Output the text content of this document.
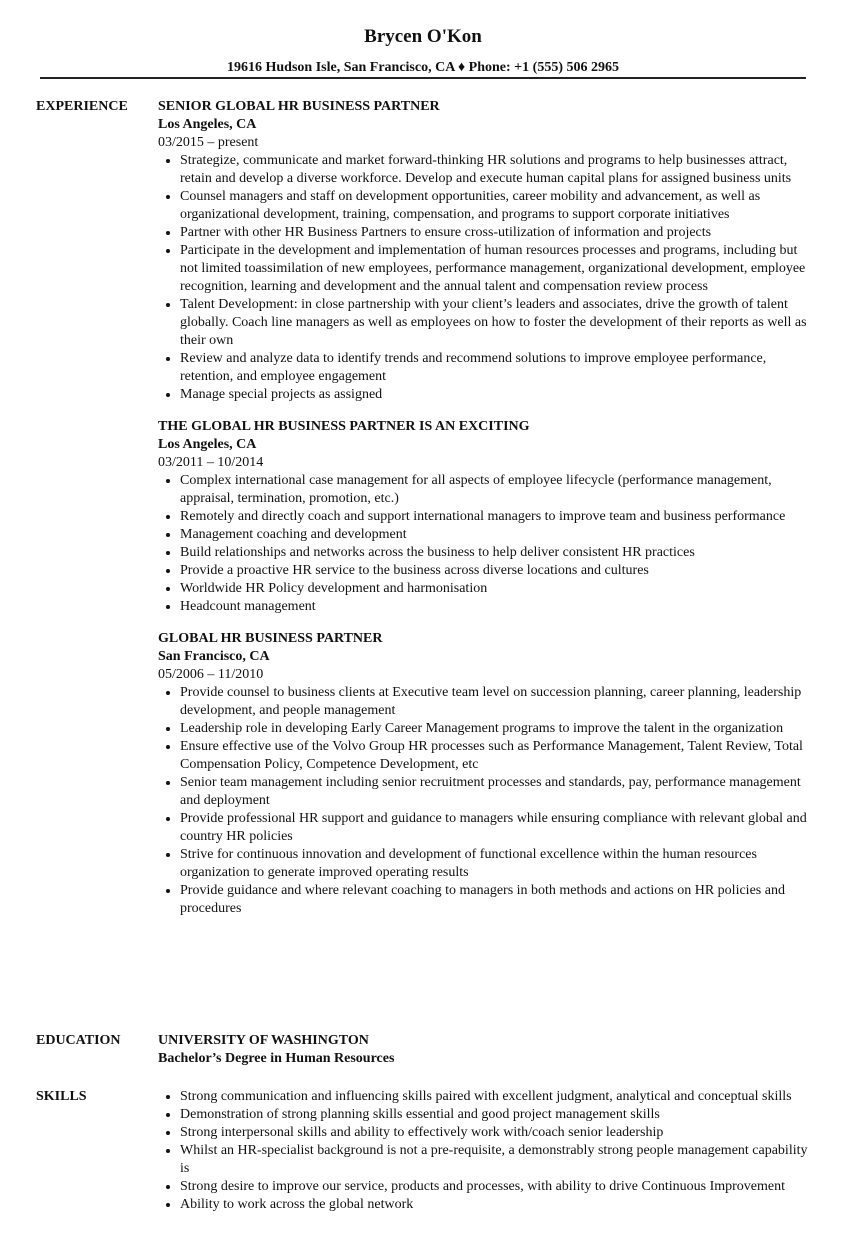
Brycen O'Kon
19616 Hudson Isle, San Francisco, CA ♦ Phone: +1 (555) 506 2965
EXPERIENCE SENIOR GLOBAL HR BUSINESS PARTNER
Los Angeles, CA
03/2015 – present
• Strategize, communicate and market forward-thinking HR solutions and programs to help businesses attract, retain and develop a diverse workforce. Develop and execute human capital plans for assigned business units
• Counsel managers and staff on development opportunities, career mobility and advancement, as well as organizational development, training, compensation, and programs to support corporate initiatives
• Partner with other HR Business Partners to ensure cross-utilization of information and projects
• Participate in the development and implementation of human resources processes and programs, including but not limited toassimilation of new employees, performance management, organizational development, employee recognition, learning and development and the annual talent and compensation review process
• Talent Development: in close partnership with your client’s leaders and associates, drive the growth of talent globally. Coach line managers as well as employees on how to foster the development of their reports as well as their own
• Review and analyze data to identify trends and recommend solutions to improve employee performance, retention, and employee engagement
• Manage special projects as assigned
THE GLOBAL HR BUSINESS PARTNER IS AN EXCITING
Los Angeles, CA
03/2011 – 10/2014
• Complex international case management for all aspects of employee lifecycle (performance management, appraisal, termination, promotion, etc.)
• Remotely and directly coach and support international managers to improve team and business performance
• Management coaching and development
• Build relationships and networks across the business to help deliver consistent HR practices
• Provide a proactive HR service to the business across diverse locations and cultures
• Worldwide HR Policy development and harmonisation
• Headcount management
GLOBAL HR BUSINESS PARTNER
San Francisco, CA
05/2006 – 11/2010
• Provide counsel to business clients at Executive team level on succession planning, career planning, leadership development, and people management
• Leadership role in developing Early Career Management programs to improve the talent in the organization
• Ensure effective use of the Volvo Group HR processes such as Performance Management, Talent Review, Total Compensation Policy, Competence Development, etc
• Senior team management including senior recruitment processes and standards, pay, performance management and deployment
• Provide professional HR support and guidance to managers while ensuring compliance with relevant global and country HR policies
• Strive for continuous innovation and development of functional excellence within the human resources organization to generate improved operating results
• Provide guidance and where relevant coaching to managers in both methods and actions on HR policies and procedures
EDUCATION	UNIVERSITY OF WASHINGTON
Bachelor’s Degree in Human Resources
SKILLS
•	Strong communication and influencing skills paired with excellent judgment, analytical and conceptual skills
• Demonstration of strong planning skills essential and good project management skills
• Strong interpersonal skills and ability to effectively work with/coach senior leadership
• Whilst an HR-specialist background is not a pre-requisite, a demonstrably strong people management capability is
• Strong desire to improve our service, products and processes, with ability to drive Continuous Improvement
• Ability to work across the global network
